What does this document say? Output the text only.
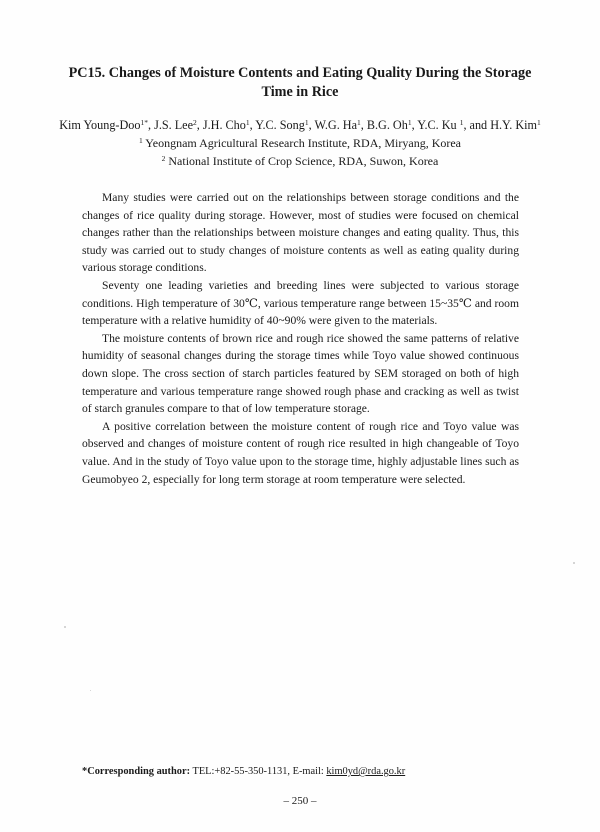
PC15. Changes of Moisture Contents and Eating Quality During the Storage
Time in Rice
Kim Young-Doo$^{1*}$, J.S. Lee$^2$, J.H. Cho$^1$, Y.C. Song$^1$, W.G. Ha$^1$, B.G. Oh$^1$, Y.C. Ku $^1$, and H.Y. Kim$^1$
$^1$ Yeongnam Agricultural Research Institute, RDA, Miryang, Korea
$^2$ National Institute of Crop Science, RDA, Suwon, Korea

Many studies were carried out on the relationships between storage conditions and the changes of rice quality during storage. However, most of studies were focused on chemical changes rather than the relationships between moisture changes and eating quality. Thus, this study was carried out to study changes of moisture contents as well as eating quality during various storage conditions.

Seventy one leading varieties and breeding lines were subjected to various storage conditions. High temperature of 30℃, various temperature range between 15~35℃ and room temperature with a relative humidity of 40~90% were given to the materials.

The moisture contents of brown rice and rough rice showed the same patterns of relative humidity of seasonal changes during the storage times while Toyo value showed continuous down slope. The cross section of starch particles featured by SEM storaged on both of high temperature and various temperature range showed rough phase and cracking as well as twist of starch granules compare to that of low temperature storage.

A positive correlation between the moisture content of rough rice and Toyo value was observed and changes of moisture content of rough rice resulted in high changeable of Toyo value. And in the study of Toyo value upon to the storage time, highly adjustable lines such as Geumobyeo 2, especially for long term storage at room temperature were selected.

*Corresponding author: TEL:+82-55-350-1131, E-mail: kim0yd@rda.go.kr
– 250 –
